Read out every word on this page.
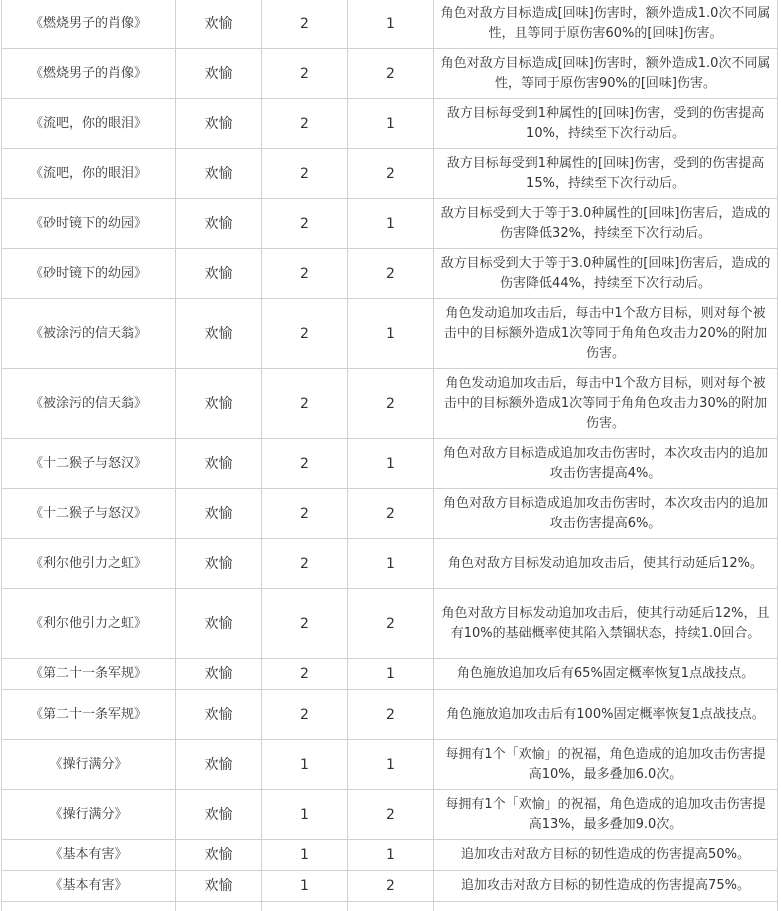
《燃烧男子的肖像》	欢愉	2	1	角色对敌方目标造成[回味]伤害时，额外造成1.0次不同属性，且等同于原伤害60%的[回味]伤害。
《燃烧男子的肖像》	欢愉	2	2	角色对敌方目标造成[回味]伤害时，额外造成1.0次不同属性，等同于原伤害90%的[回味]伤害。
《流吧，你的眼泪》	欢愉	2	1	敌方目标每受到1种属性的[回味]伤害，受到的伤害提高10%，持续至下次行动后。
《流吧，你的眼泪》	欢愉	2	2	敌方目标每受到1种属性的[回味]伤害，受到的伤害提高15%，持续至下次行动后。
《砂时镜下的幼园》	欢愉	2	1	敌方目标受到大于等于3.0种属性的[回味]伤害后，造成的伤害降低32%，持续至下次行动后。
《砂时镜下的幼园》	欢愉	2	2	敌方目标受到大于等于3.0种属性的[回味]伤害后，造成的伤害降低44%，持续至下次行动后。
《被涂污的信天翁》	欢愉	2	1	角色发动追加攻击后，每击中1个敌方目标，则对每个被击中的目标额外造成1次等同于角角色攻击力20%的附加伤害。
《被涂污的信天翁》	欢愉	2	2	角色发动追加攻击后，每击中1个敌方目标，则对每个被击中的目标额外造成1次等同于角角色攻击力30%的附加伤害。
《十二猴子与怒汉》	欢愉	2	1	角色对敌方目标造成追加攻击伤害时，本次攻击内的追加攻击伤害提高4%。
《十二猴子与怒汉》	欢愉	2	2	角色对敌方目标造成追加攻击伤害时，本次攻击内的追加攻击伤害提高6%。
《利尔他引力之虹》	欢愉	2	1	角色对敌方目标发动追加攻击后，使其行动延后12%。
《利尔他引力之虹》	欢愉	2	2	角色对敌方目标发动追加攻击后，使其行动延后12%，且有10%的基础概率使其陷入禁锢状态，持续1.0回合。
《第二十一条军规》	欢愉	2	1	角色施放追加攻后有65%固定概率恢复1点战技点。
《第二十一条军规》	欢愉	2	2	角色施放追加攻击后有100%固定概率恢复1点战技点。
《操行满分》	欢愉	1	1	每拥有1个「欢愉」的祝福，角色造成的追加攻击伤害提高10%，最多叠加6.0次。
《操行满分》	欢愉	1	2	每拥有1个「欢愉」的祝福，角色造成的追加攻击伤害提高13%，最多叠加9.0次。
《基本有害》	欢愉	1	1	追加攻击对敌方目标的韧性造成的伤害提高50%。
《基本有害》	欢愉	1	2	追加攻击对敌方目标的韧性造成的伤害提高75%。
